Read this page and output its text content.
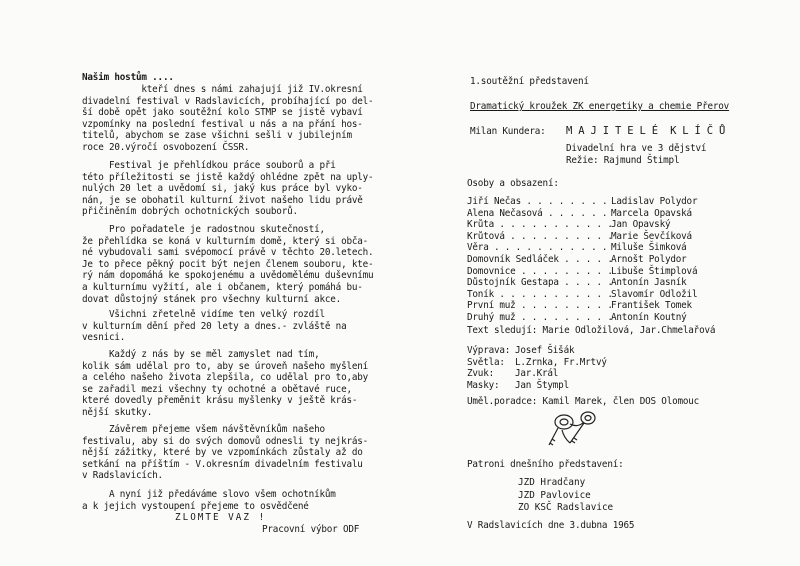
Našim hostům ....
kteří dnes s námi zahajují již IV.okresní
divadelní festival v Radslavicích, probíhající po del-
ší době opět jako soutěžní kolo STMP se jistě vybaví
vzpomínky na poslední festival u nás a na přání hos-
titelů, abychom se zase všichni sešli v jubilejním
roce 20.výročí osvobození ČSSR.
Festival je přehlídkou práce souborů a při
této příležitosti se jistě každý ohlédne zpět na uply-
nulých 20 let a uvědomí si, jaký kus práce byl vyko-
nán, je se obohatil kulturní život našeho lidu právě
přičiněním dobrých ochotnických souborů.
Pro pořadatele je radostnou skutečností,
že přehlídka se koná v kulturním domě, který si obča-
né vybudovali sami svépomocí právě v těchto 20.letech.
Je to přece pěkný pocit být nejen členem souboru, kte-
rý nám dopomáhá ke spokojenému a uvědomělému duševnímu
a kulturnímu vyžití, ale i občanem, který pomáhá bu-
dovat důstojný stánek pro všechny kulturní akce.
Všichni zřetelně vidíme ten velký rozdíl
v kulturním dění před 20 lety a dnes.- zvláště na
vesnici.
Každý z nás by se měl zamyslet nad tím,
kolik sám udělal pro to, aby se úroveň našeho myšlení
a celého našeho života zlepšila, co udělal pro to,aby
se zařadil mezi všechny ty ochotné a obětavé ruce,
které dovedly přeměnit krásu myšlenky v ještě krás-
nější skutky.
Závěrem přejeme všem návštěvníkům našeho
festivalu, aby si do svých domovů odnesli ty nejkrás-
nější zážitky, které by ve vzpomínkách zůstaly až do
setkání na příštím - V.okresním divadelním festivalu
v Radslavicích.
A nyní již předáváme slovo všem ochotníkům
a k jejich vystoupení přejeme to osvědčené
ZLOMTE VAZ !
Pracovní výbor ODF
1.soutěžní představení
Dramatický kroužek ZK energetiky a chemie Přerov
Milan Kundera: M A J I T E L É  K L Í Č Ů
Divadelní hra ve 3 dějství
Režie: Rajmund Štimpl
Osoby a obsazení:
Jiří Nečas . . .	Ladislav Polydor
Alena Nečasová . . .	Marcela Opavská
Krůta . . .	Jan Opavský
Krůtová . . .	Marie Ševčíková
Věra . . .	Miluše Šimková
Domovník Sedláček . . .	Arnošt Polydor
Domovnice . . .	Libuše Štimplová
Důstojník Gestapa . . .	Antonín Jasník
Toník . . .	Slavomír Odložil
První muž . . .	František Tomek
Druhý muž . . .	Antonín Koutný
Text sledují: Marie Odložilová, Jar.Chmelařová
Výprava: Josef Šišák
Světla:	L.Zrnka, Fr.Mrtvý
Zvuk:	Jar.Král
Masky:	Jan Štympl
Uměl.poradce: Kamil Marek, člen DOS Olomouc
Patroni dnešního představení:
JZD Hradčany
JZD Pavlovice
ZO KSČ Radslavice
V Radslavicích dne 3.dubna 1965
